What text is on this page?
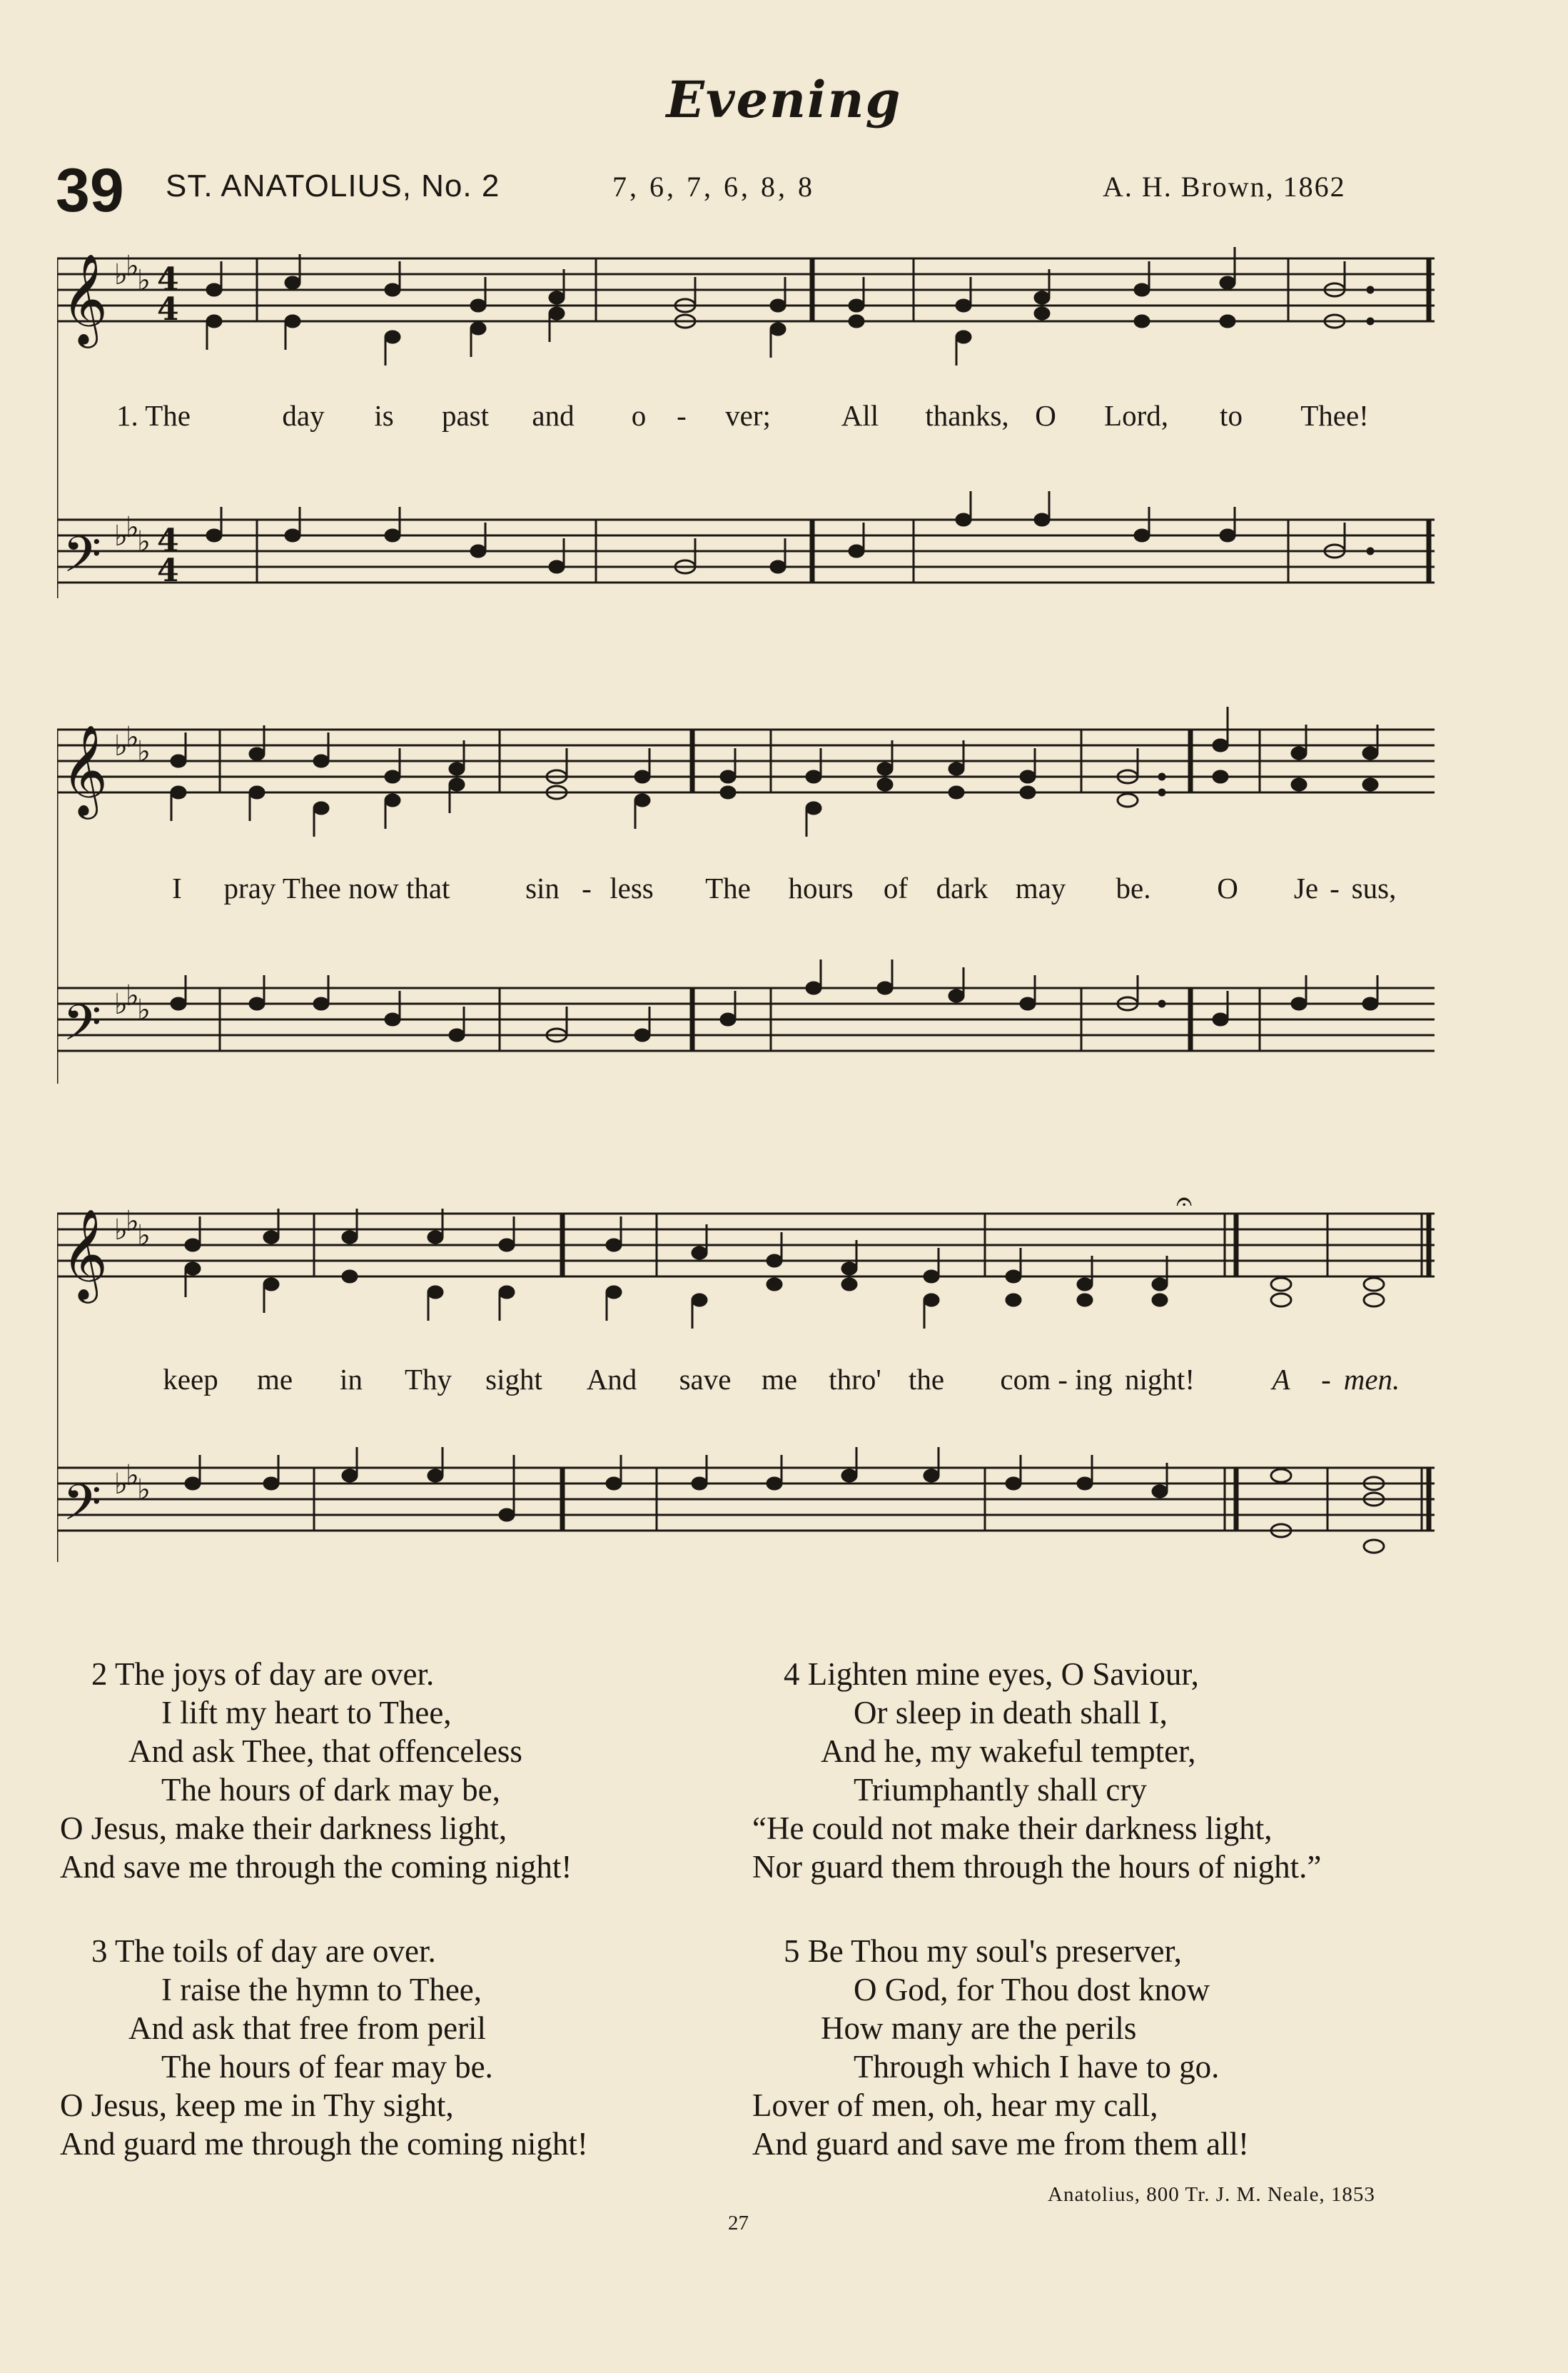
Evening
39 ST. ANATOLIUS, No. 2	7, 6, 7, 6, 8, 8	A. H. Brown, 1862
𝄞
𝄢
♭
♭
♭
♭
♭
♭
4
4
4
4
1. The	day is past and o - ver; All thanks, O Lord, to Thee!
𝄞
𝄢
♭
♭
♭
♭
♭
♭
I pray Thee now that	sin - less The hours of dark may be. O Je - sus,
𝄞
𝄢
♭
♭
♭
♭
♭
♭
𝄐
keep me in Thy sight And save me thro' the com - ing night!	A - men.
2 The joys of day are over.
I lift my heart to Thee,
And ask Thee, that offenceless
The hours of dark may be,
O Jesus, make their darkness light,
And save me through the coming night!
3 The toils of day are over.
I raise the hymn to Thee,
And ask that free from peril
The hours of fear may be.
O Jesus, keep me in Thy sight,
And guard me through the coming night!
4 Lighten mine eyes, O Saviour,
Or sleep in death shall I,
And he, my wakeful tempter,
Triumphantly shall cry
“He could not make their darkness light,
Nor guard them through the hours of night.”
5 Be Thou my soul's preserver,
O God, for Thou dost know
How many are the perils
Through which I have to go.
Lover of men, oh, hear my call,
And guard and save me from them all!
Anatolius, 800 Tr. J. M. Neale, 1853
27
